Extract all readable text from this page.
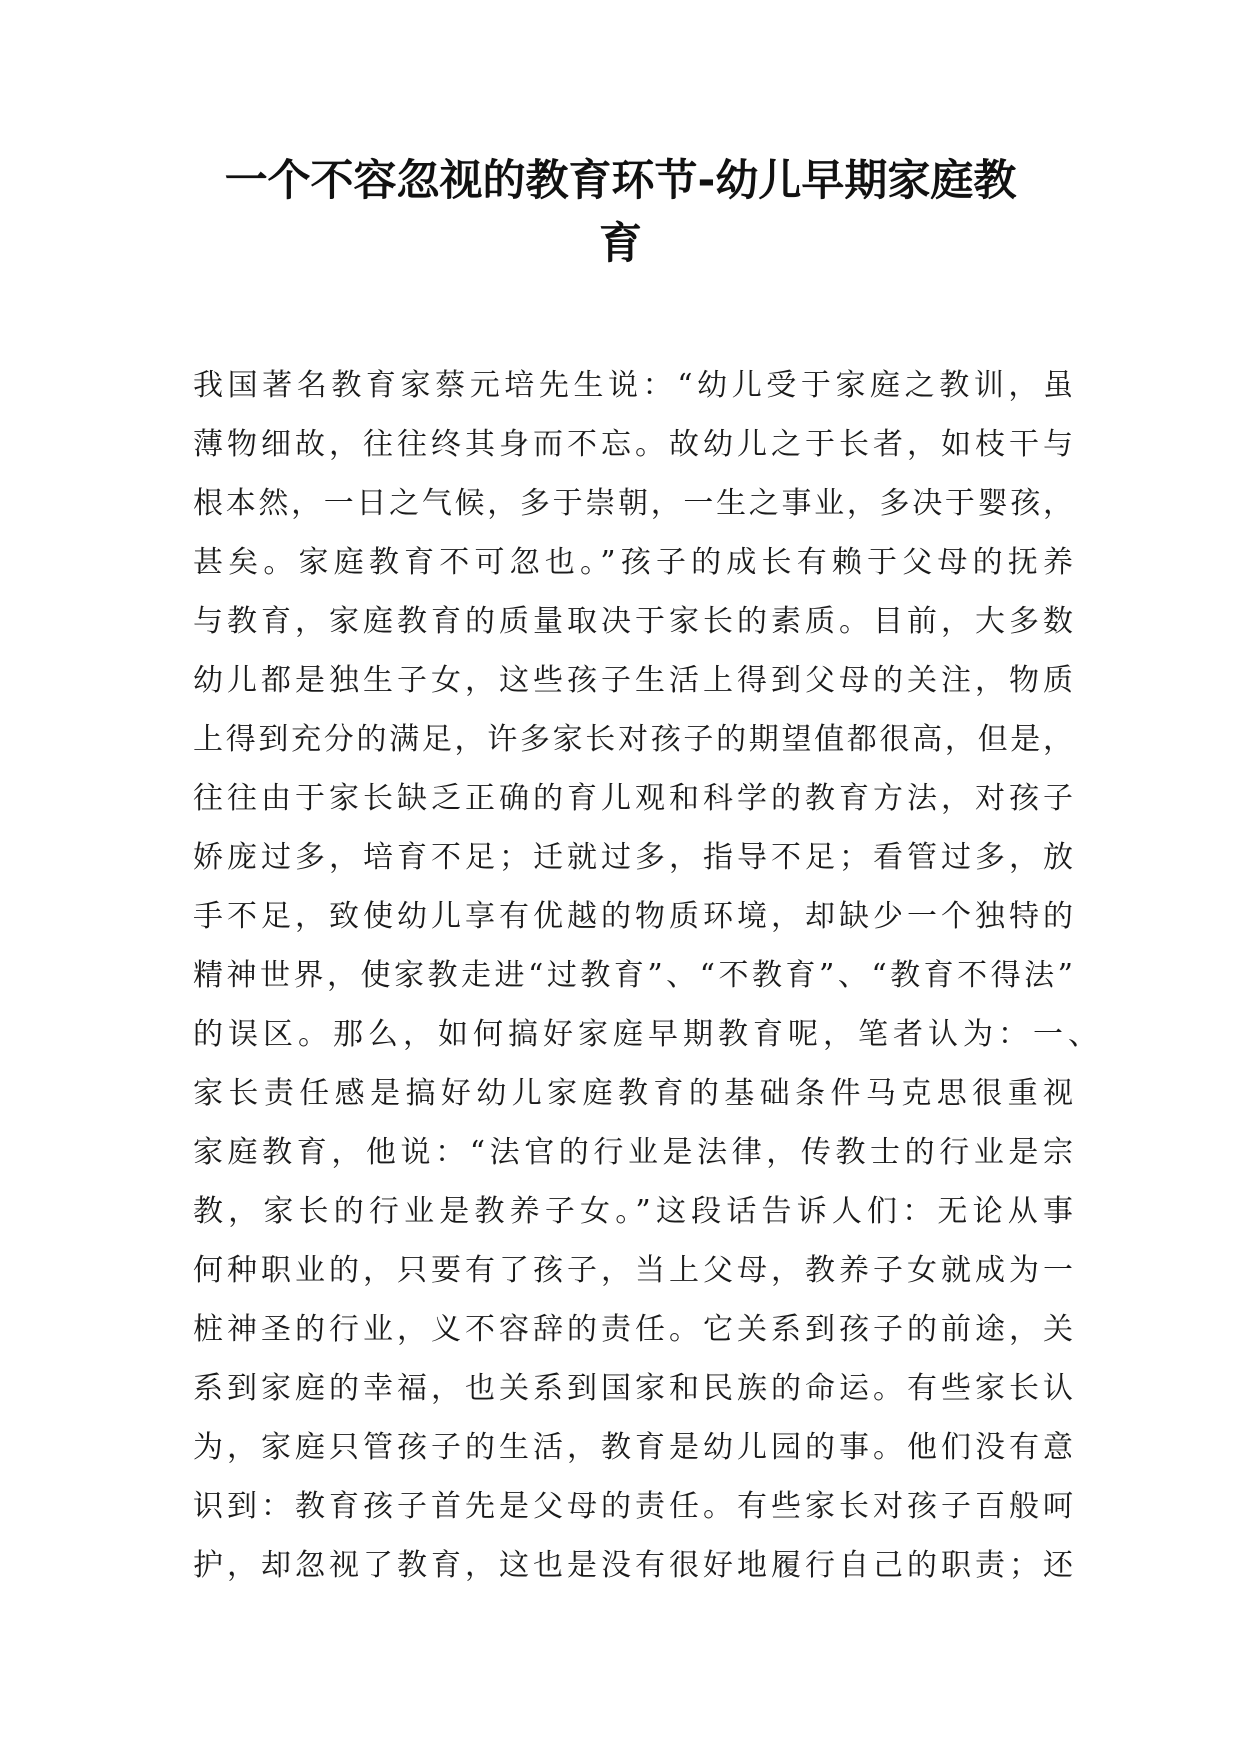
一个不容忽视的教育环节-幼儿早期家庭教
育
我国著名教育家蔡元培先生说：“幼儿受于家庭之教训，虽
薄物细故，往往终其身而不忘。故幼儿之于长者，如枝干与
根本然，一日之气候，多于崇朝，一生之事业，多决于婴孩，
甚矣。家庭教育不可忽也。”孩子的成长有赖于父母的抚养
与教育，家庭教育的质量取决于家长的素质。目前，大多数
幼儿都是独生子女，这些孩子生活上得到父母的关注，物质
上得到充分的满足，许多家长对孩子的期望值都很高，但是，
往往由于家长缺乏正确的育儿观和科学的教育方法，对孩子
娇庞过多，培育不足；迁就过多，指导不足；看管过多，放
手不足，致使幼儿享有优越的物质环境，却缺少一个独特的
精神世界，使家教走进“过教育”、“不教育”、“教育不得法”
的误区。那么，如何搞好家庭早期教育呢，笔者认为：一、
家长责任感是搞好幼儿家庭教育的基础条件马克思很重视
家庭教育，他说：“法官的行业是法律，传教士的行业是宗
教，家长的行业是教养子女。”这段话告诉人们：无论从事
何种职业的，只要有了孩子，当上父母，教养子女就成为一
桩神圣的行业，义不容辞的责任。它关系到孩子的前途，关
系到家庭的幸福，也关系到国家和民族的命运。有些家长认
为，家庭只管孩子的生活，教育是幼儿园的事。他们没有意
识到：教育孩子首先是父母的责任。有些家长对孩子百般呵
护，却忽视了教育，这也是没有很好地履行自己的职责；还
